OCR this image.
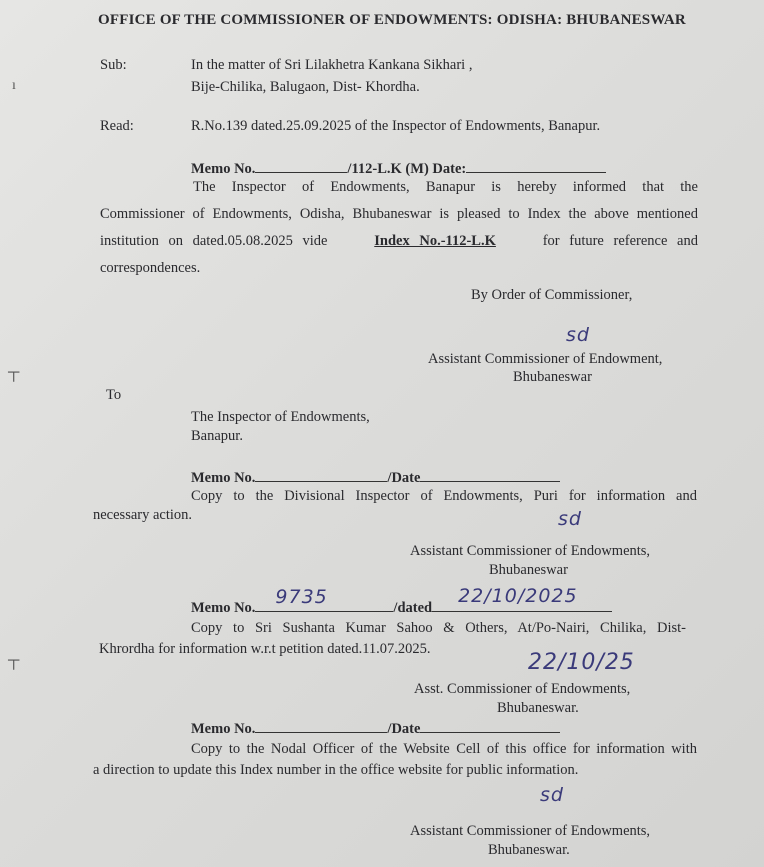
OFFICE OF THE COMMISSIONER OF ENDOWMENTS: ODISHA: BHUBANESWAR
Sub:	In the matter of Sri Lilakhetra Kankana Sikhari ,
Bije-Chilika, Balugaon, Dist- Khordha.
Read:	R.No.139 dated.25.09.2025 of the Inspector of Endowments, Banapur.
Memo No.	/112-L.K (M) Date:
The Inspector of Endowments, Banapur is hereby informed that the
Commissioner of Endowments, Odisha, Bhubaneswar is pleased to Index the above mentioned
institution on dated.05.08.2025 vide	Index No.-112-L.K	for future reference and
correspondences.
By Order of Commissioner,
sd
Assistant Commissioner of Endowment,
Bhubaneswar
To
The Inspector of Endowments,
Banapur.
Memo No.	/Date
Copy to the Divisional Inspector of Endowments, Puri for information and
necessary action.	sd
Assistant Commissioner of Endowments,
Bhubaneswar
Memo No. 9735	/dated
22/10/2025
Copy to Sri Sushanta Kumar Sahoo & Others, At/Po-Nairi, Chilika, Dist-
Khrordha for information w.r.t petition dated.11.07.2025.
22/10/25
Asst. Commissioner of Endowments,
Bhubaneswar.
Memo No.	/Date
Copy to the Nodal Officer of the Website Cell of this office for information with
a direction to update this Index number in the office website for public information.
sd
Assistant Commissioner of Endowments,
Bhubaneswar.
ı
┬
┬
